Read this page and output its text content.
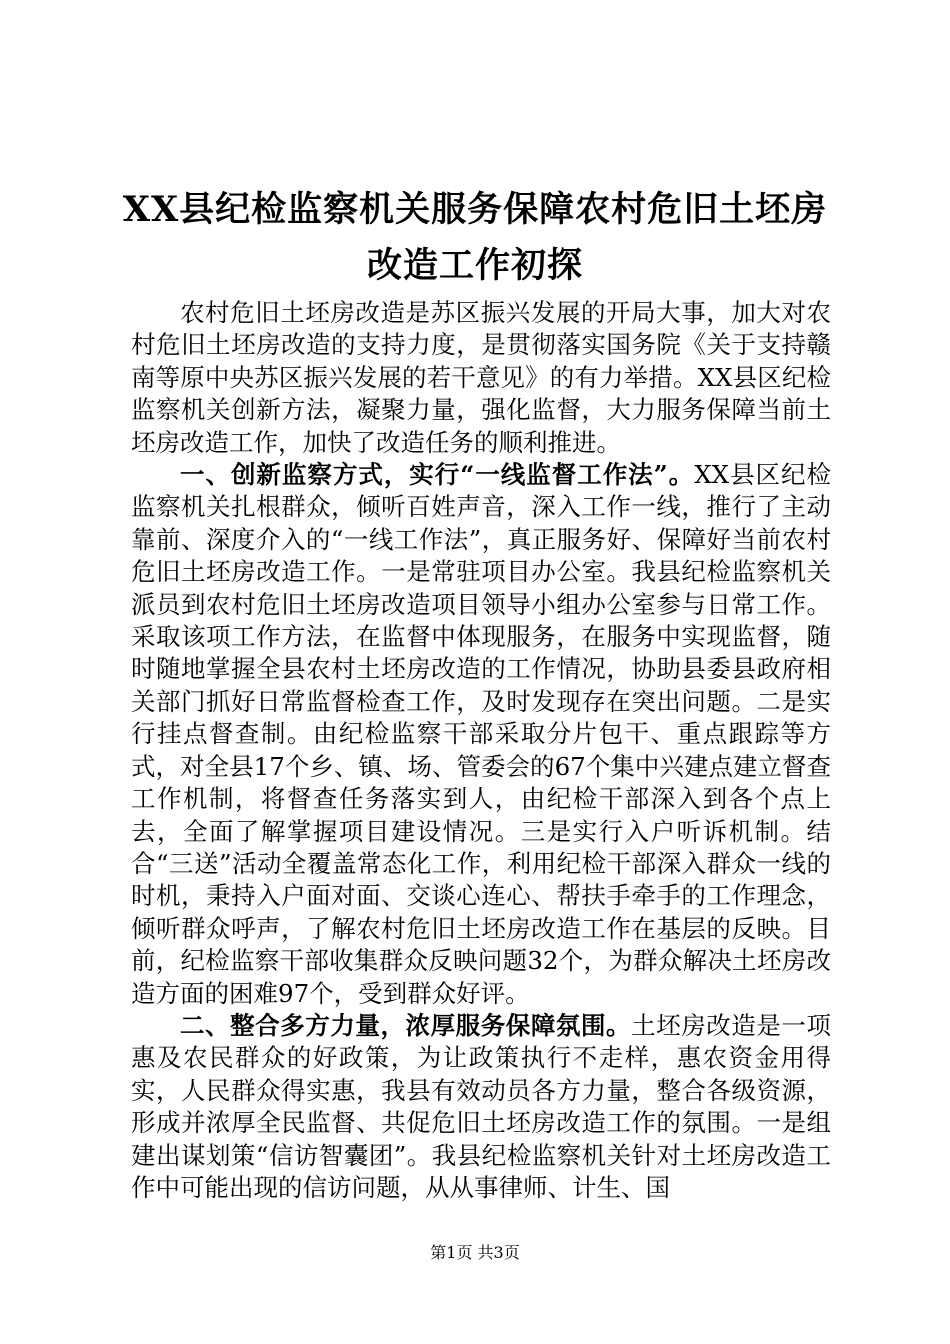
XX县纪检监察机关服务保障农村危旧土坯房
改造工作初探

农村危旧土坯房改造是苏区振兴发展的开局大事，加大对农村危旧土坯房改造的支持力度，是贯彻落实国务院《关于支持赣南等原中央苏区振兴发展的若干意见》的有力举措。XX县区纪检监察机关创新方法，凝聚力量，强化监督，大力服务保障当前土坯房改造工作，加快了改造任务的顺利推进。

一、创新监察方式，实行“一线监督工作法”。XX县区纪检监察机关扎根群众，倾听百姓声音，深入工作一线，推行了主动靠前、深度介入的“一线工作法”，真正服务好、保障好当前农村危旧土坯房改造工作。一是常驻项目办公室。我县纪检监察机关派员到农村危旧土坯房改造项目领导小组办公室参与日常工作。采取该项工作方法，在监督中体现服务，在服务中实现监督，随时随地掌握全县农村土坯房改造的工作情况，协助县委县政府相关部门抓好日常监督检查工作，及时发现存在突出问题。二是实行挂点督查制。由纪检监察干部采取分片包干、重点跟踪等方式，对全县17个乡、镇、场、管委会的67个集中兴建点建立督查工作机制，将督查任务落实到人，由纪检干部深入到各个点上去，全面了解掌握项目建设情况。三是实行入户听诉机制。结合“三送”活动全覆盖常态化工作，利用纪检干部深入群众一线的时机，秉持入户面对面、交谈心连心、帮扶手牵手的工作理念，倾听群众呼声，了解农村危旧土坯房改造工作在基层的反映。目前，纪检监察干部收集群众反映问题32个，为群众解决土坯房改造方面的困难97个，受到群众好评。

二、整合多方力量，浓厚服务保障氛围。土坯房改造是一项惠及农民群众的好政策，为让政策执行不走样，惠农资金用得实，人民群众得实惠，我县有效动员各方力量，整合各级资源，形成并浓厚全民监督、共促危旧土坯房改造工作的氛围。一是组建出谋划策“信访智囊团”。我县纪检监察机关针对土坯房改造工作中可能出现的信访问题，从从事律师、计生、国

第1页 共3页
